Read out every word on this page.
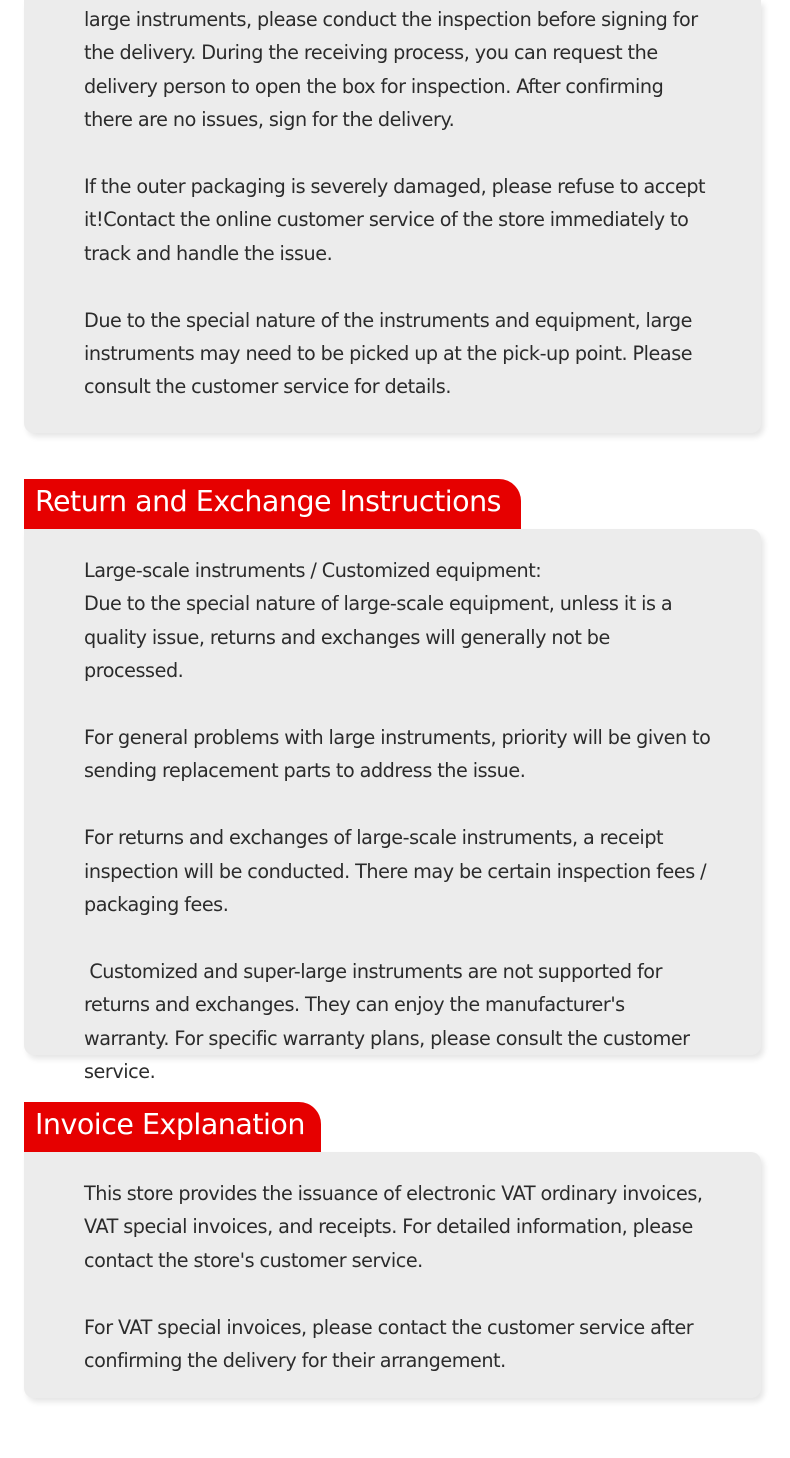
large instruments, please conduct the inspection before signing for the delivery. During the receiving process, you can request the delivery person to open the box for inspection. After confirming there are no issues, sign for the delivery.

If the outer packaging is severely damaged, please refuse to accept it!Contact the online customer service of the store immediately to track and handle the issue.

Due to the special nature of the instruments and equipment, large instruments may need to be picked up at the pick-up point. Please consult the customer service for details.

Return and Exchange Instructions

Large-scale instruments / Customized equipment:
Due to the special nature of large-scale equipment, unless it is a quality issue, returns and exchanges will generally not be processed.

For general problems with large instruments, priority will be given to sending replacement parts to address the issue.

For returns and exchanges of large-scale instruments, a receipt inspection will be conducted. There may be certain inspection fees / packaging fees.

Customized and super-large instruments are not supported for returns and exchanges. They can enjoy the manufacturer's warranty. For specific warranty plans, please consult the customer service.

Invoice Explanation

This store provides the issuance of electronic VAT ordinary invoices, VAT special invoices, and receipts. For detailed information, please contact the store's customer service.

For VAT special invoices, please contact the customer service after confirming the delivery for their arrangement.
